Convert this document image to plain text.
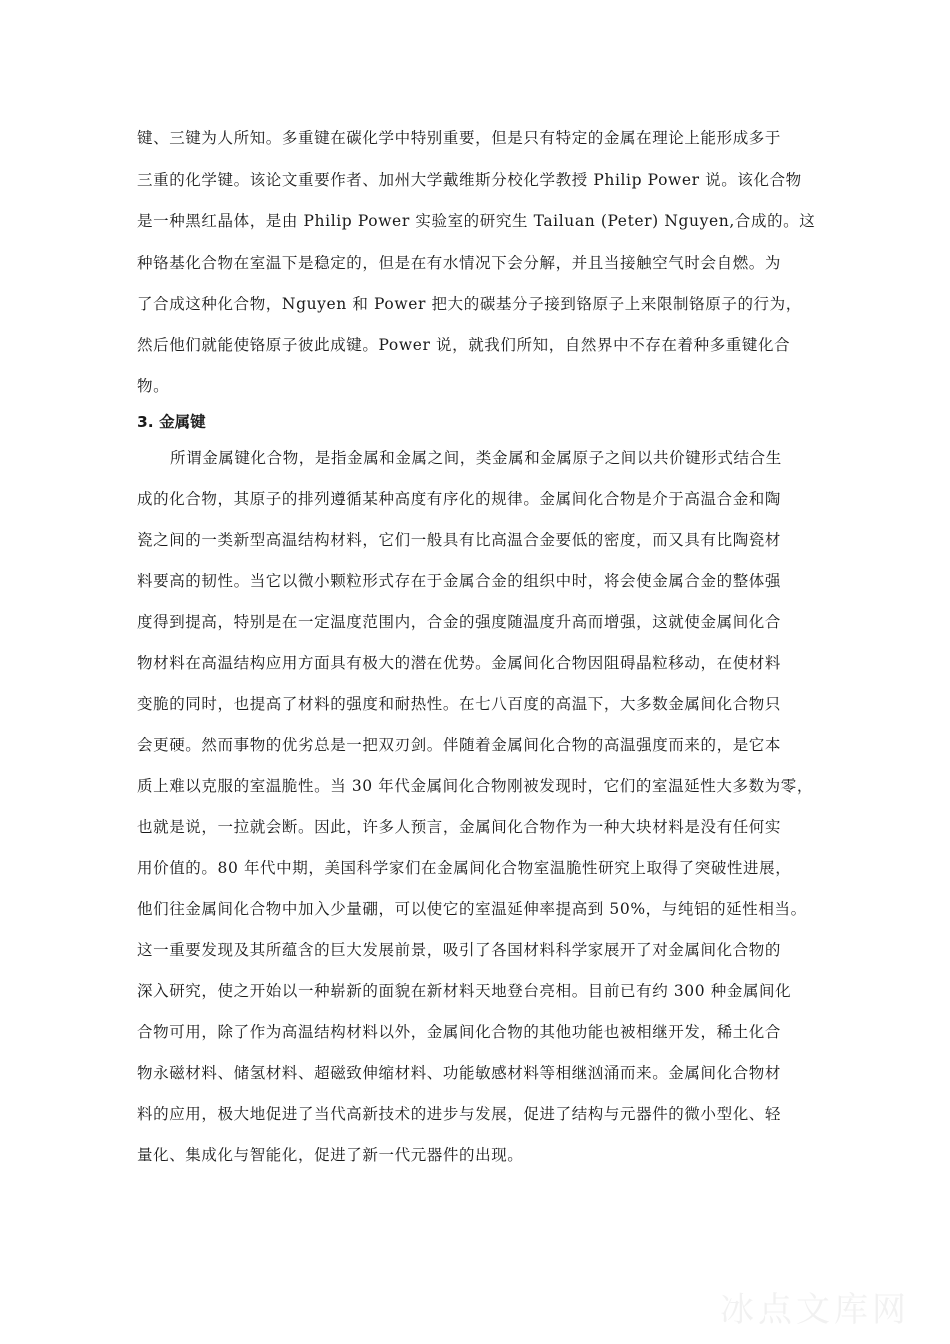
键、三键为人所知。多重键在碳化学中特别重要，但是只有特定的金属在理论上能形成多于
三重的化学键。该论文重要作者、加州大学戴维斯分校化学教授 Philip Power 说。该化合物
是一种黑红晶体，是由 Philip Power 实验室的研究生 Tailuan (Peter) Nguyen,合成的。这
种铬基化合物在室温下是稳定的，但是在有水情况下会分解，并且当接触空气时会自燃。为
了合成这种化合物，Nguyen 和 Power 把大的碳基分子接到铬原子上来限制铬原子的行为，
然后他们就能使铬原子彼此成键。Power 说，就我们所知，自然界中不存在着种多重键化合
物。
3. 金属键
所谓金属键化合物，是指金属和金属之间，类金属和金属原子之间以共价键形式结合生
成的化合物，其原子的排列遵循某种高度有序化的规律。金属间化合物是介于高温合金和陶
瓷之间的一类新型高温结构材料，它们一般具有比高温合金要低的密度，而又具有比陶瓷材
料要高的韧性。当它以微小颗粒形式存在于金属合金的组织中时，将会使金属合金的整体强
度得到提高，特别是在一定温度范围内，合金的强度随温度升高而增强，这就使金属间化合
物材料在高温结构应用方面具有极大的潜在优势。金属间化合物因阻碍晶粒移动，在使材料
变脆的同时，也提高了材料的强度和耐热性。在七八百度的高温下，大多数金属间化合物只
会更硬。然而事物的优劣总是一把双刃剑。伴随着金属间化合物的高温强度而来的，是它本
质上难以克服的室温脆性。当 30 年代金属间化合物刚被发现时，它们的室温延性大多数为零，
也就是说，一拉就会断。因此，许多人预言，金属间化合物作为一种大块材料是没有任何实
用价值的。80 年代中期，美国科学家们在金属间化合物室温脆性研究上取得了突破性进展，
他们往金属间化合物中加入少量硼，可以使它的室温延伸率提高到 50%，与纯铝的延性相当。
这一重要发现及其所蕴含的巨大发展前景，吸引了各国材料科学家展开了对金属间化合物的
深入研究，使之开始以一种崭新的面貌在新材料天地登台亮相。目前已有约 300 种金属间化
合物可用，除了作为高温结构材料以外，金属间化合物的其他功能也被相继开发，稀土化合
物永磁材料、储氢材料、超磁致伸缩材料、功能敏感材料等相继汹涌而来。金属间化合物材
料的应用，极大地促进了当代高新技术的进步与发展，促进了结构与元器件的微小型化、轻
量化、集成化与智能化，促进了新一代元器件的出现。
冰点文库网
